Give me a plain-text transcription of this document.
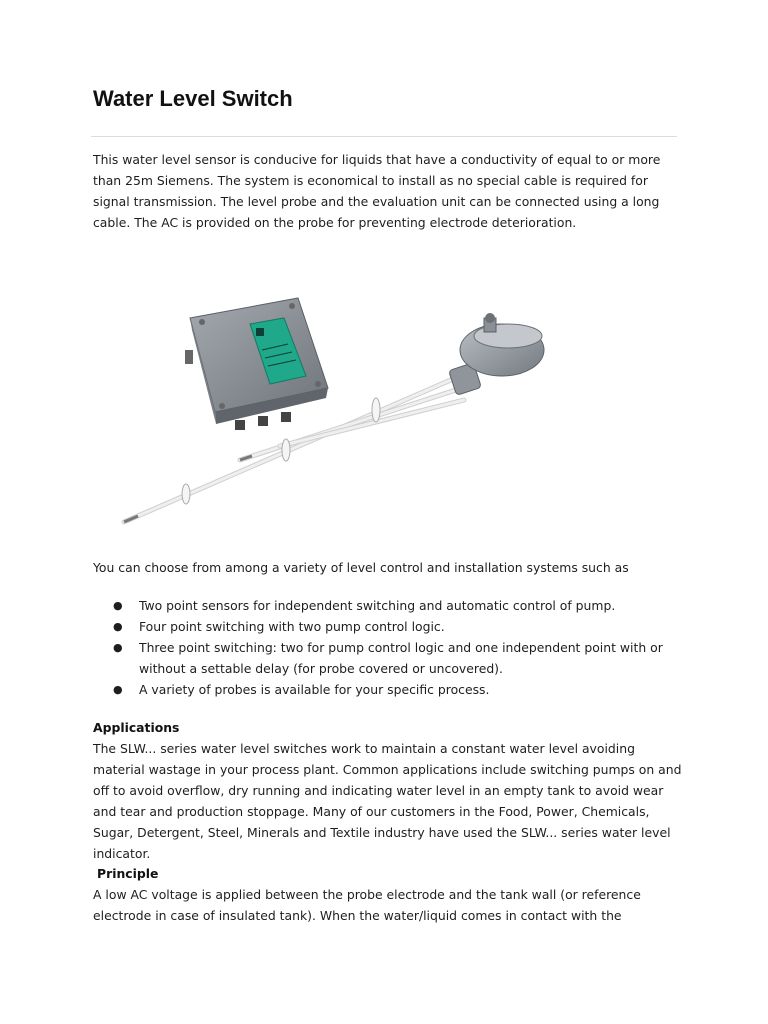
Water Level Switch

This water level sensor is conducive for liquids that have a conductivity of equal to or more than 25m Siemens. The system is economical to install as no special cable is required for signal transmission. The level probe and the evaluation unit can be connected using a long cable. The AC is provided on the probe for preventing electrode deterioration.

You can choose from among a variety of level control and installation systems such as

● Two point sensors for independent switching and automatic control of pump.
● Four point switching with two pump control logic.
● Three point switching: two for pump control logic and one independent point with or without a settable delay (for probe covered or uncovered).
● A variety of probes is available for your specific process.

Applications

The SLW... series water level switches work to maintain a constant water level avoiding material wastage in your process plant. Common applications include switching pumps on and off to avoid overflow, dry running and indicating water level in an empty tank to avoid wear and tear and production stoppage. Many of our customers in the Food, Power, Chemicals, Sugar, Detergent, Steel, Minerals and Textile industry have used the SLW... series water level indicator.

Principle

A low AC voltage is applied between the probe electrode and the tank wall (or reference electrode in case of insulated tank). When the water/liquid comes in contact with the
